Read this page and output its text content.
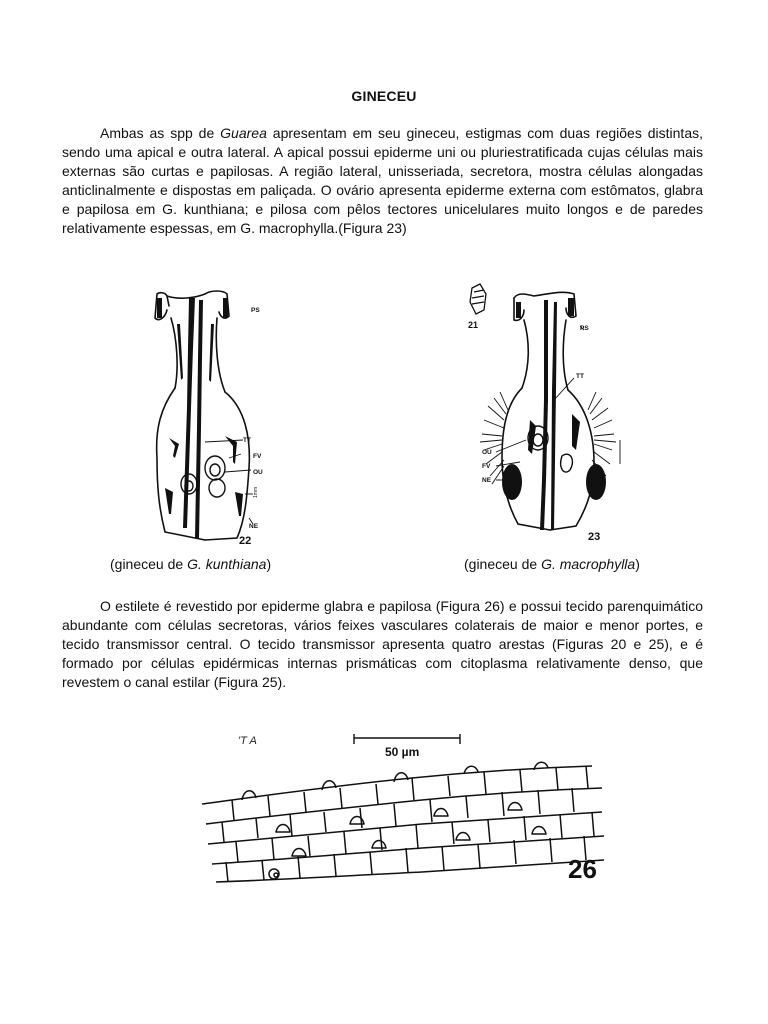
GINECEU

Ambas as spp de Guarea apresentam em seu gineceu, estigmas com duas regiões distintas, sendo uma apical e outra lateral. A apical possui epiderme uni ou pluriestratificada cujas células mais externas são curtas e papilosas. A região lateral, unisseriada, secretora, mostra células alongadas anticlinalmente e dispostas em paliçada. O ovário apresenta epiderme externa com estômatos, glabra e papilosa em G. kunthiana; e pilosa com pêlos tectores unicelulares muito longos e de paredes relativamente espessas, em G. macrophylla.(Figura 23)

PS
TT
FV
OU
NE
1mm
22
21	PS
TT
OU
FV
NE
23
(gineceu de G. kunthiana)	(gineceu de G. macrophylla)

O estilete é revestido por epiderme glabra e papilosa (Figura 26) e possui tecido parenquimático abundante com células secretoras, vários feixes vasculares colaterais de maior e menor portes, e tecido transmissor central. O tecido transmissor apresenta quatro arestas (Figuras 20 e 25), e é formado por células epidérmicas internas prismáticas com citoplasma relativamente denso, que revestem o canal estilar (Figura 25).

'T A
50 µm
26
